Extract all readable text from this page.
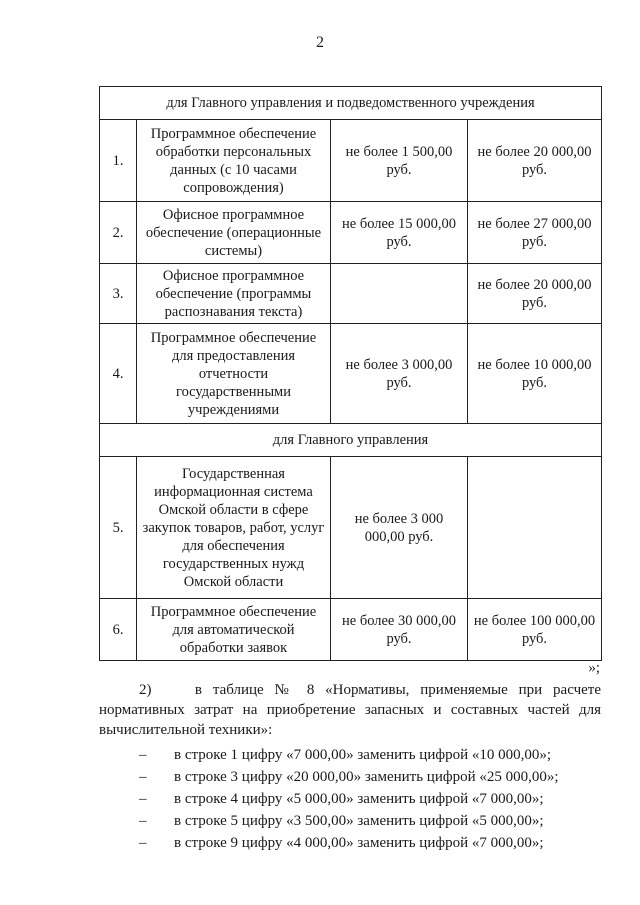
2
для Главного управления и подведомственного учреждения			
1.	Программное обеспечение обработки персональных данных (с 10 часами сопровождения)	не более 1 500,00 руб.	не более 20 000,00 руб.
2.	Офисное программное обеспечение (операционные системы)	не более 15 000,00 руб.	не более 27 000,00 руб.
3.	Офисное программное обеспечение (программы распознавания текста)		не более 20 000,00 руб.
4.	Программное обеспечение для предоставления отчетности государственными учреждениями	не более 3 000,00 руб.	не более 10 000,00 руб.
для Главного управления			
5.	Государственная информационная система Омской области в сфере закупок товаров, работ, услуг для обеспечения государственных нужд Омской области	не более 3 000 000,00 руб.	
6.	Программное обеспечение для автоматической обработки заявок	не более 30 000,00 руб.	не более 100 000,00 руб.
»;

2)    в таблице № 8 «Нормативы, применяемые при расчете нормативных затрат на приобретение запасных и составных частей для вычислительной техники»:

–	в строке 1 цифру «7 000,00» заменить цифрой «10 000,00»;
–	в строке 3 цифру «20 000,00» заменить цифрой «25 000,00»;
–	в строке 4 цифру «5 000,00» заменить цифрой «7 000,00»;
–	в строке 5 цифру «3 500,00» заменить цифрой «5 000,00»;
–	в строке 9 цифру «4 000,00» заменить цифрой «7 000,00»;
